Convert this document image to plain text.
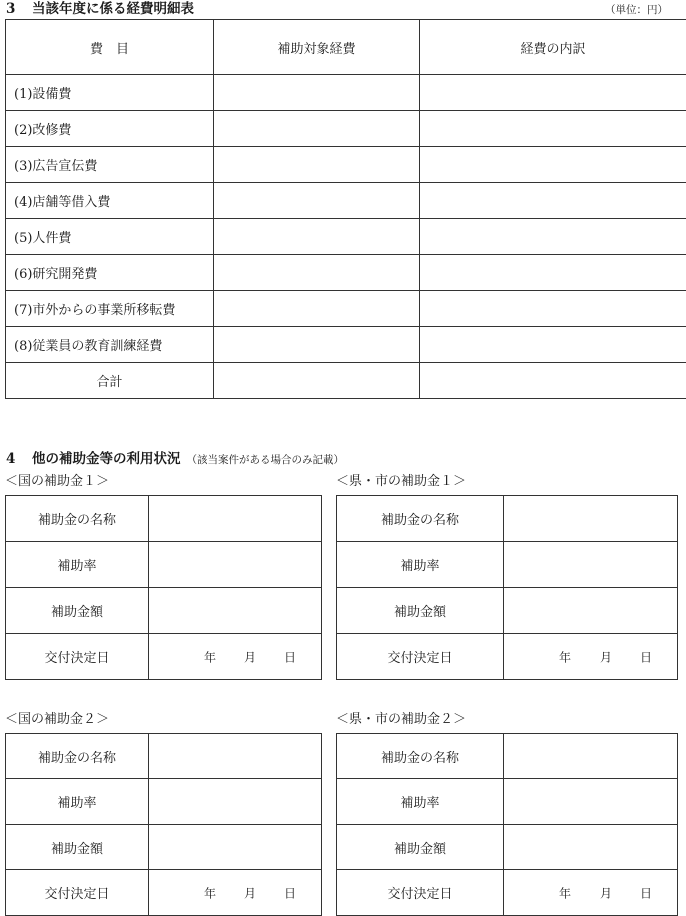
3 当該年度に係る経費明細表	（単位：円）
費　目	補助対象経費	経費の内訳
(1)設備費		
(2)改修費		
(3)広告宣伝費		
(4)店舗等借入費		
(5)人件費		
(6)研究開発費		
(7)市外からの事業所移転費		
(8)従業員の教育訓練経費		
合計		
4 他の補助金等の利用状況 （該当案件がある場合のみ記載）
＜国の補助金１＞	＜県・市の補助金１＞
＜国の補助金２＞	＜県・市の補助金２＞
補助金の名称	
補助率	
補助金額	
交付決定日	年 月 日
補助金の名称	
補助率	
補助金額	
交付決定日	年 月 日
補助金の名称	
補助率	
補助金額	
交付決定日	年 月 日
補助金の名称	
補助率	
補助金額	
交付決定日	年 月 日
